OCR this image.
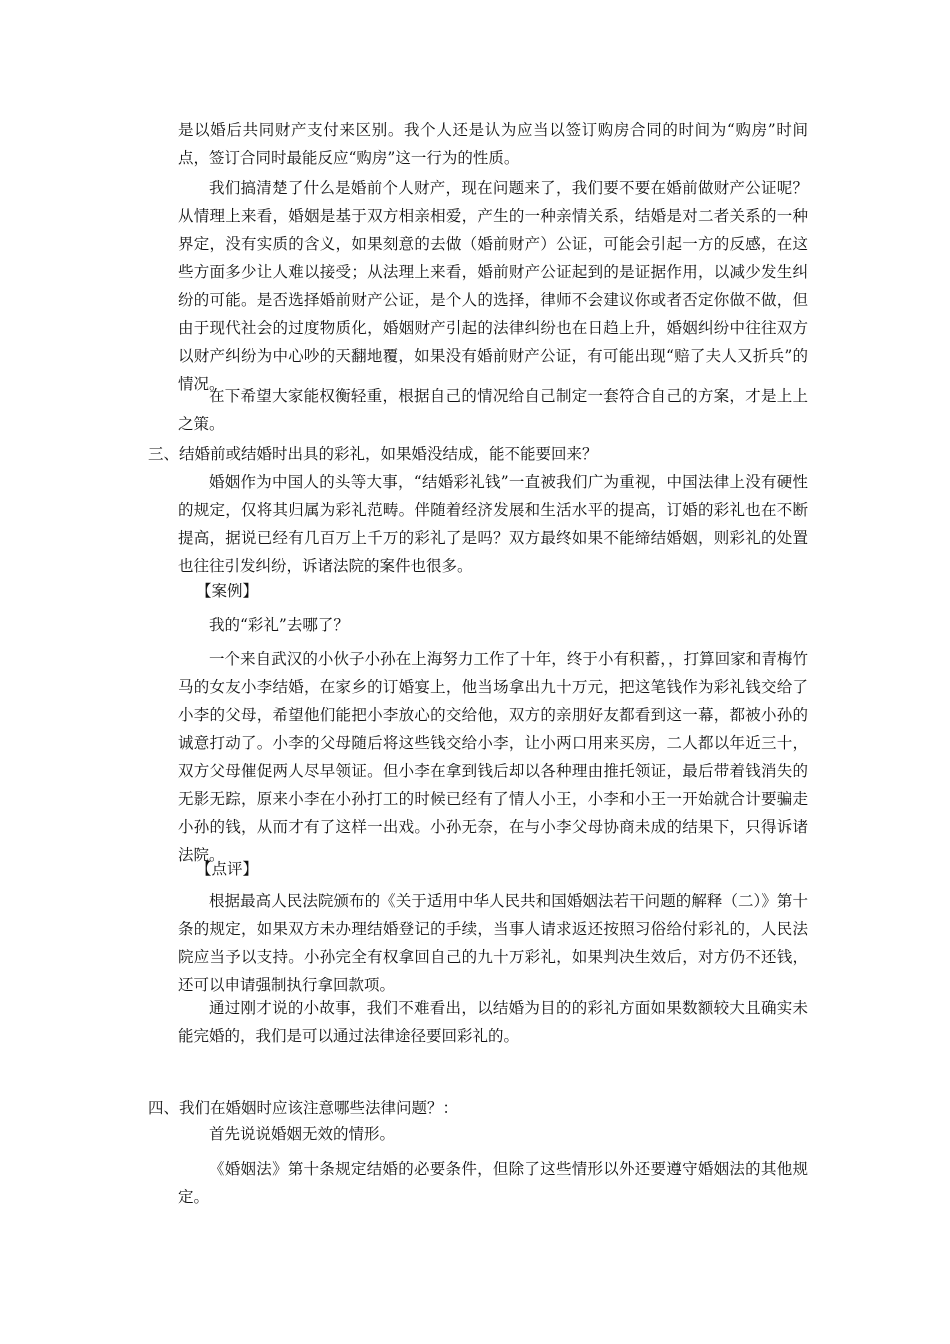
是以婚后共同财产支付来区别。我个人还是认为应当以签订购房合同的时间为“购房”时间点，签订合同时最能反应“购房”这一行为的性质。

我们搞清楚了什么是婚前个人财产，现在问题来了，我们要不要在婚前做财产公证呢？从情理上来看，婚姻是基于双方相亲相爱，产生的一种亲情关系，结婚是对二者关系的一种界定，没有实质的含义，如果刻意的去做（婚前财产）公证，可能会引起一方的反感，在这些方面多少让人难以接受；从法理上来看，婚前财产公证起到的是证据作用，以减少发生纠纷的可能。是否选择婚前财产公证，是个人的选择，律师不会建议你或者否定你做不做，但由于现代社会的过度物质化，婚姻财产引起的法律纠纷也在日趋上升，婚姻纠纷中往往双方以财产纠纷为中心吵的天翻地覆，如果没有婚前财产公证，有可能出现“赔了夫人又折兵”的情况。

在下希望大家能权衡轻重，根据自己的情况给自己制定一套符合自己的方案，才是上上之策。

三、结婚前或结婚时出具的彩礼，如果婚没结成，能不能要回来？

婚姻作为中国人的头等大事，“结婚彩礼钱”一直被我们广为重视，中国法律上没有硬性的规定，仅将其归属为彩礼范畴。伴随着经济发展和生活水平的提高，订婚的彩礼也在不断提高，据说已经有几百万上千万的彩礼了是吗？双方最终如果不能缔结婚姻，则彩礼的处置也往往引发纠纷，诉诸法院的案件也很多。

【案例】

我的“彩礼”去哪了？

一个来自武汉的小伙子小孙在上海努力工作了十年，终于小有积蓄，，打算回家和青梅竹马的女友小李结婚，在家乡的订婚宴上，他当场拿出九十万元，把这笔钱作为彩礼钱交给了小李的父母，希望他们能把小李放心的交给他，双方的亲朋好友都看到这一幕，都被小孙的诚意打动了。小李的父母随后将这些钱交给小李，让小两口用来买房，二人都以年近三十，双方父母催促两人尽早领证。但小李在拿到钱后却以各种理由推托领证，最后带着钱消失的无影无踪，原来小李在小孙打工的时候已经有了情人小王，小李和小王一开始就合计要骗走小孙的钱，从而才有了这样一出戏。小孙无奈，在与小李父母协商未成的结果下，只得诉诸法院。

【点评】

根据最高人民法院颁布的《关于适用中华人民共和国婚姻法若干问题的解释（二）》第十条的规定，如果双方未办理结婚登记的手续，当事人请求返还按照习俗给付彩礼的，人民法院应当予以支持。小孙完全有权拿回自己的九十万彩礼，如果判决生效后，对方仍不还钱，还可以申请强制执行拿回款项。

通过刚才说的小故事，我们不难看出，以结婚为目的的彩礼方面如果数额较大且确实未能完婚的，我们是可以通过法律途径要回彩礼的。

四、我们在婚姻时应该注意哪些法律问题？：

首先说说婚姻无效的情形。

《婚姻法》第十条规定结婚的必要条件，但除了这些情形以外还要遵守婚姻法的其他规定。
